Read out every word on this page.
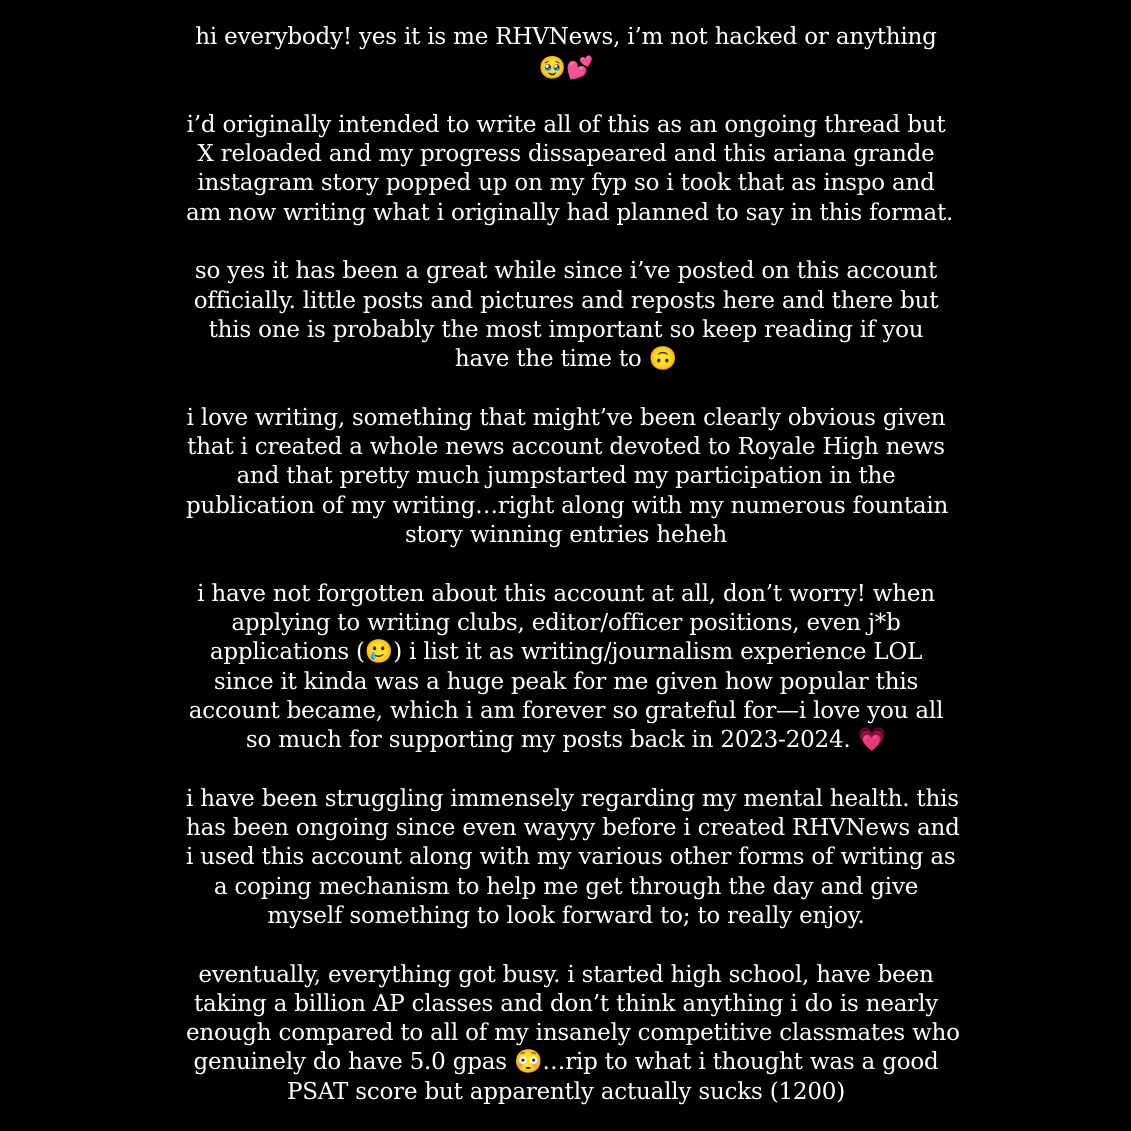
hi everybody! yes it is me RHVNews, i’m not hacked or anything
🥹💕
i’d originally intended to write all of this as an ongoing thread but
X reloaded and my progress dissapeared and this ariana grande
instagram story popped up on my fyp so i took that as inspo and
am now writing what i originally had planned to say in this format.
so yes it has been a great while since i’ve posted on this account
officially. little posts and pictures and reposts here and there but
this one is probably the most important so keep reading if you
have the time to 🙃
i love writing, something that might’ve been clearly obvious given
that i created a whole news account devoted to Royale High news
and that pretty much jumpstarted my participation in the
publication of my writing…right along with my numerous fountain
story winning entries heheh
i have not forgotten about this account at all, don’t worry! when
applying to writing clubs, editor/officer positions, even j*b
applications (🥲) i list it as writing/journalism experience LOL
since it kinda was a huge peak for me given how popular this
account became, which i am forever so grateful for—i love you all
so much for supporting my posts back in 2023-2024. 💗
i have been struggling immensely regarding my mental health. this
has been ongoing since even wayyy before i created RHVNews and
i used this account along with my various other forms of writing as
a coping mechanism to help me get through the day and give
myself something to look forward to; to really enjoy.
eventually, everything got busy. i started high school, have been
taking a billion AP classes and don’t think anything i do is nearly
enough compared to all of my insanely competitive classmates who
genuinely do have 5.0 gpas 😳…rip to what i thought was a good
PSAT score but apparently actually sucks (1200)
